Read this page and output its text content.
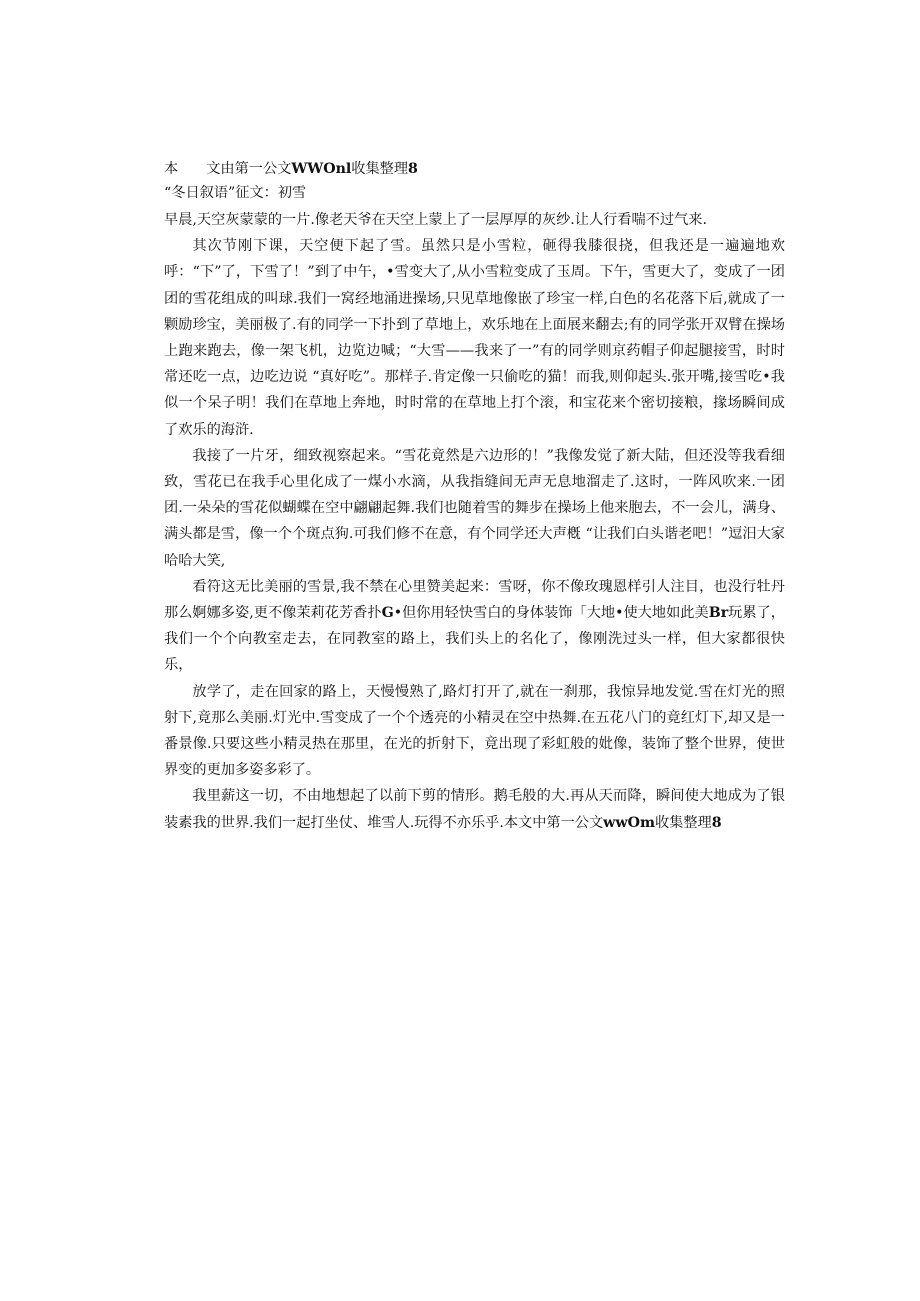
本 文由第一公文WWOnl收集整理8

“冬日叙语”征文：初雪

早晨,天空灰蒙蒙的一片.像老天爷在天空上蒙上了一层厚厚的灰纱.让人行看喘不过气来.

其次节刚下课，天空便下起了雪。虽然只是小雪粒，砸得我膝很挠，但我还是一遍遍地欢呼：“下”了，下雪了！”到了中午，•雪变大了,从小雪粒变成了玉周。下午，雪更大了，变成了一团团的雪花组成的叫球.我们一窝经地涌进操场,只见草地像嵌了珍宝一样,白色的名花落下后,就成了一颗励珍宝，美丽极了.有的同学一下扑到了草地上，欢乐地在上面展来翻去;有的同学张开双臂在操场上跑来跑去，像一架飞机，边览边喊；“大雪——我来了一”有的同学则京药帽子仰起腿接雪，时时常还吃一点，边吃边说 “真好吃”。那样子.肯定像一只偷吃的猫！而我,则仰起头.张开嘴,接雪吃•我似一个呆子明！我们在草地上奔地，时时常的在草地上打个滚，和宝花来个密切接粮，掾场瞬间成了欢乐的海浒.

我接了一片牙，细致视察起来。“雪花竟然是六边形的！”我像发觉了新大陆，但还没等我看细致，雪花已在我手心里化成了一煤小水滴，从我指缝间无声无息地溜走了.这时，一阵风吹来.一团团.一朵朵的雪花似蝴蝶在空中翩翩起舞.我们也随着雪的舞步在操场上他来胞去，不一会儿，满身、满头都是雪，像一个个斑点狗.可我们修不在意，有个同学还大声槪 “让我们白头谐老吧！”逗汨大家哈哈大笑,

看符这无比美丽的雪景,我不禁在心里赞美起来：雪呀，你不像玫瑰恩样引人注目，也没行牡丹那么婀娜多姿,更不像茉莉花芳香扑G•但你用轻快雪白的身体装饰「大地•使大地如此美Br玩累了，我们一个个向教室走去，在同教室的路上，我们头上的名化了，像刚洗过头一样，但大家都很快乐，

放学了，走在回家的路上，天慢慢熟了,路灯打开了,就在一刹那，我惊异地发觉.雪在灯光的照射下,竟那么美丽.灯光中.雪变成了一个个透亮的小精灵在空中热舞.在五花八门的竟红灯下,却又是一番景像.只要这些小精灵热在那里，在光的折射下，竟出现了彩虹般的妣像，装饰了整个世界，使世界变的更加多姿多彩了。

我里薪这一切，不由地想起了以前下剪的情形。鹅毛般的大.再从天而降，瞬间使大地成为了银装素我的世界.我们一起打坐仗、堆雪人.玩得不亦乐乎.本文中第一公文wwOm收集整理8
